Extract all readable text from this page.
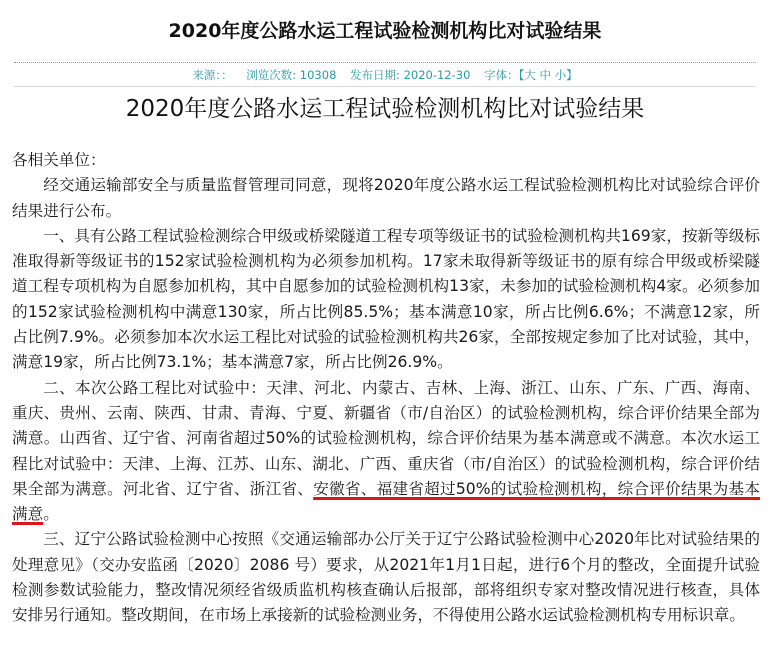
2020年度公路水运工程试验检测机构比对试验结果
来源：： 浏览次数: 10308 发布日期: 2020-12-30 字体：【大 中 小】
2020年度公路水运工程试验检测机构比对试验结果

各相关单位：

经交通运输部安全与质量监督管理司同意，现将2020年度公路水运工程试验检测机构比对试验综合评价结果进行公布。

一、具有公路工程试验检测综合甲级或桥梁隧道工程专项等级证书的试验检测机构共169家，按新等级标准取得新等级证书的152家试验检测机构为必须参加机构。17家未取得新等级证书的原有综合甲级或桥梁隧道工程专项机构为自愿参加机构，其中自愿参加的试验检测机构13家，未参加的试验检测机构4家。必须参加的152家试验检测机构中满意130家，所占比例85.5%；基本满意10家，所占比例6.6%；不满意12家，所占比例7.9%。必须参加本次水运工程比对试验的试验检测机构共26家，全部按规定参加了比对试验，其中，满意19家，所占比例73.1%；基本满意7家，所占比例26.9%。

二、本次公路工程比对试验中：天津、河北、内蒙古、吉林、上海、浙江、山东、广东、广西、海南、重庆、贵州、云南、陕西、甘肃、青海、宁夏、新疆省（市/自治区）的试验检测机构，综合评价结果全部为满意。山西省、辽宁省、河南省超过50%的试验检测机构，综合评价结果为基本满意或不满意。本次水运工程比对试验中：天津、上海、江苏、山东、湖北、广西、重庆省（市/自治区）的试验检测机构，综合评价结果全部为满意。河北省、辽宁省、浙江省、安徽省、福建省超过50%的试验检测机构，综合评价结果为基本满意。

三、辽宁公路试验检测中心按照《交通运输部办公厅关于辽宁公路试验检测中心2020年比对试验结果的处理意见》（交办安监函〔2020〕2086 号）要求，从2021年1月1日起，进行6个月的整改，全面提升试验检测参数试验能力，整改情况须经省级质监机构核查确认后报部，部将组织专家对整改情况进行核查，具体安排另行通知。整改期间，在市场上承接新的试验检测业务，不得使用公路水运试验检测机构专用标识章。
